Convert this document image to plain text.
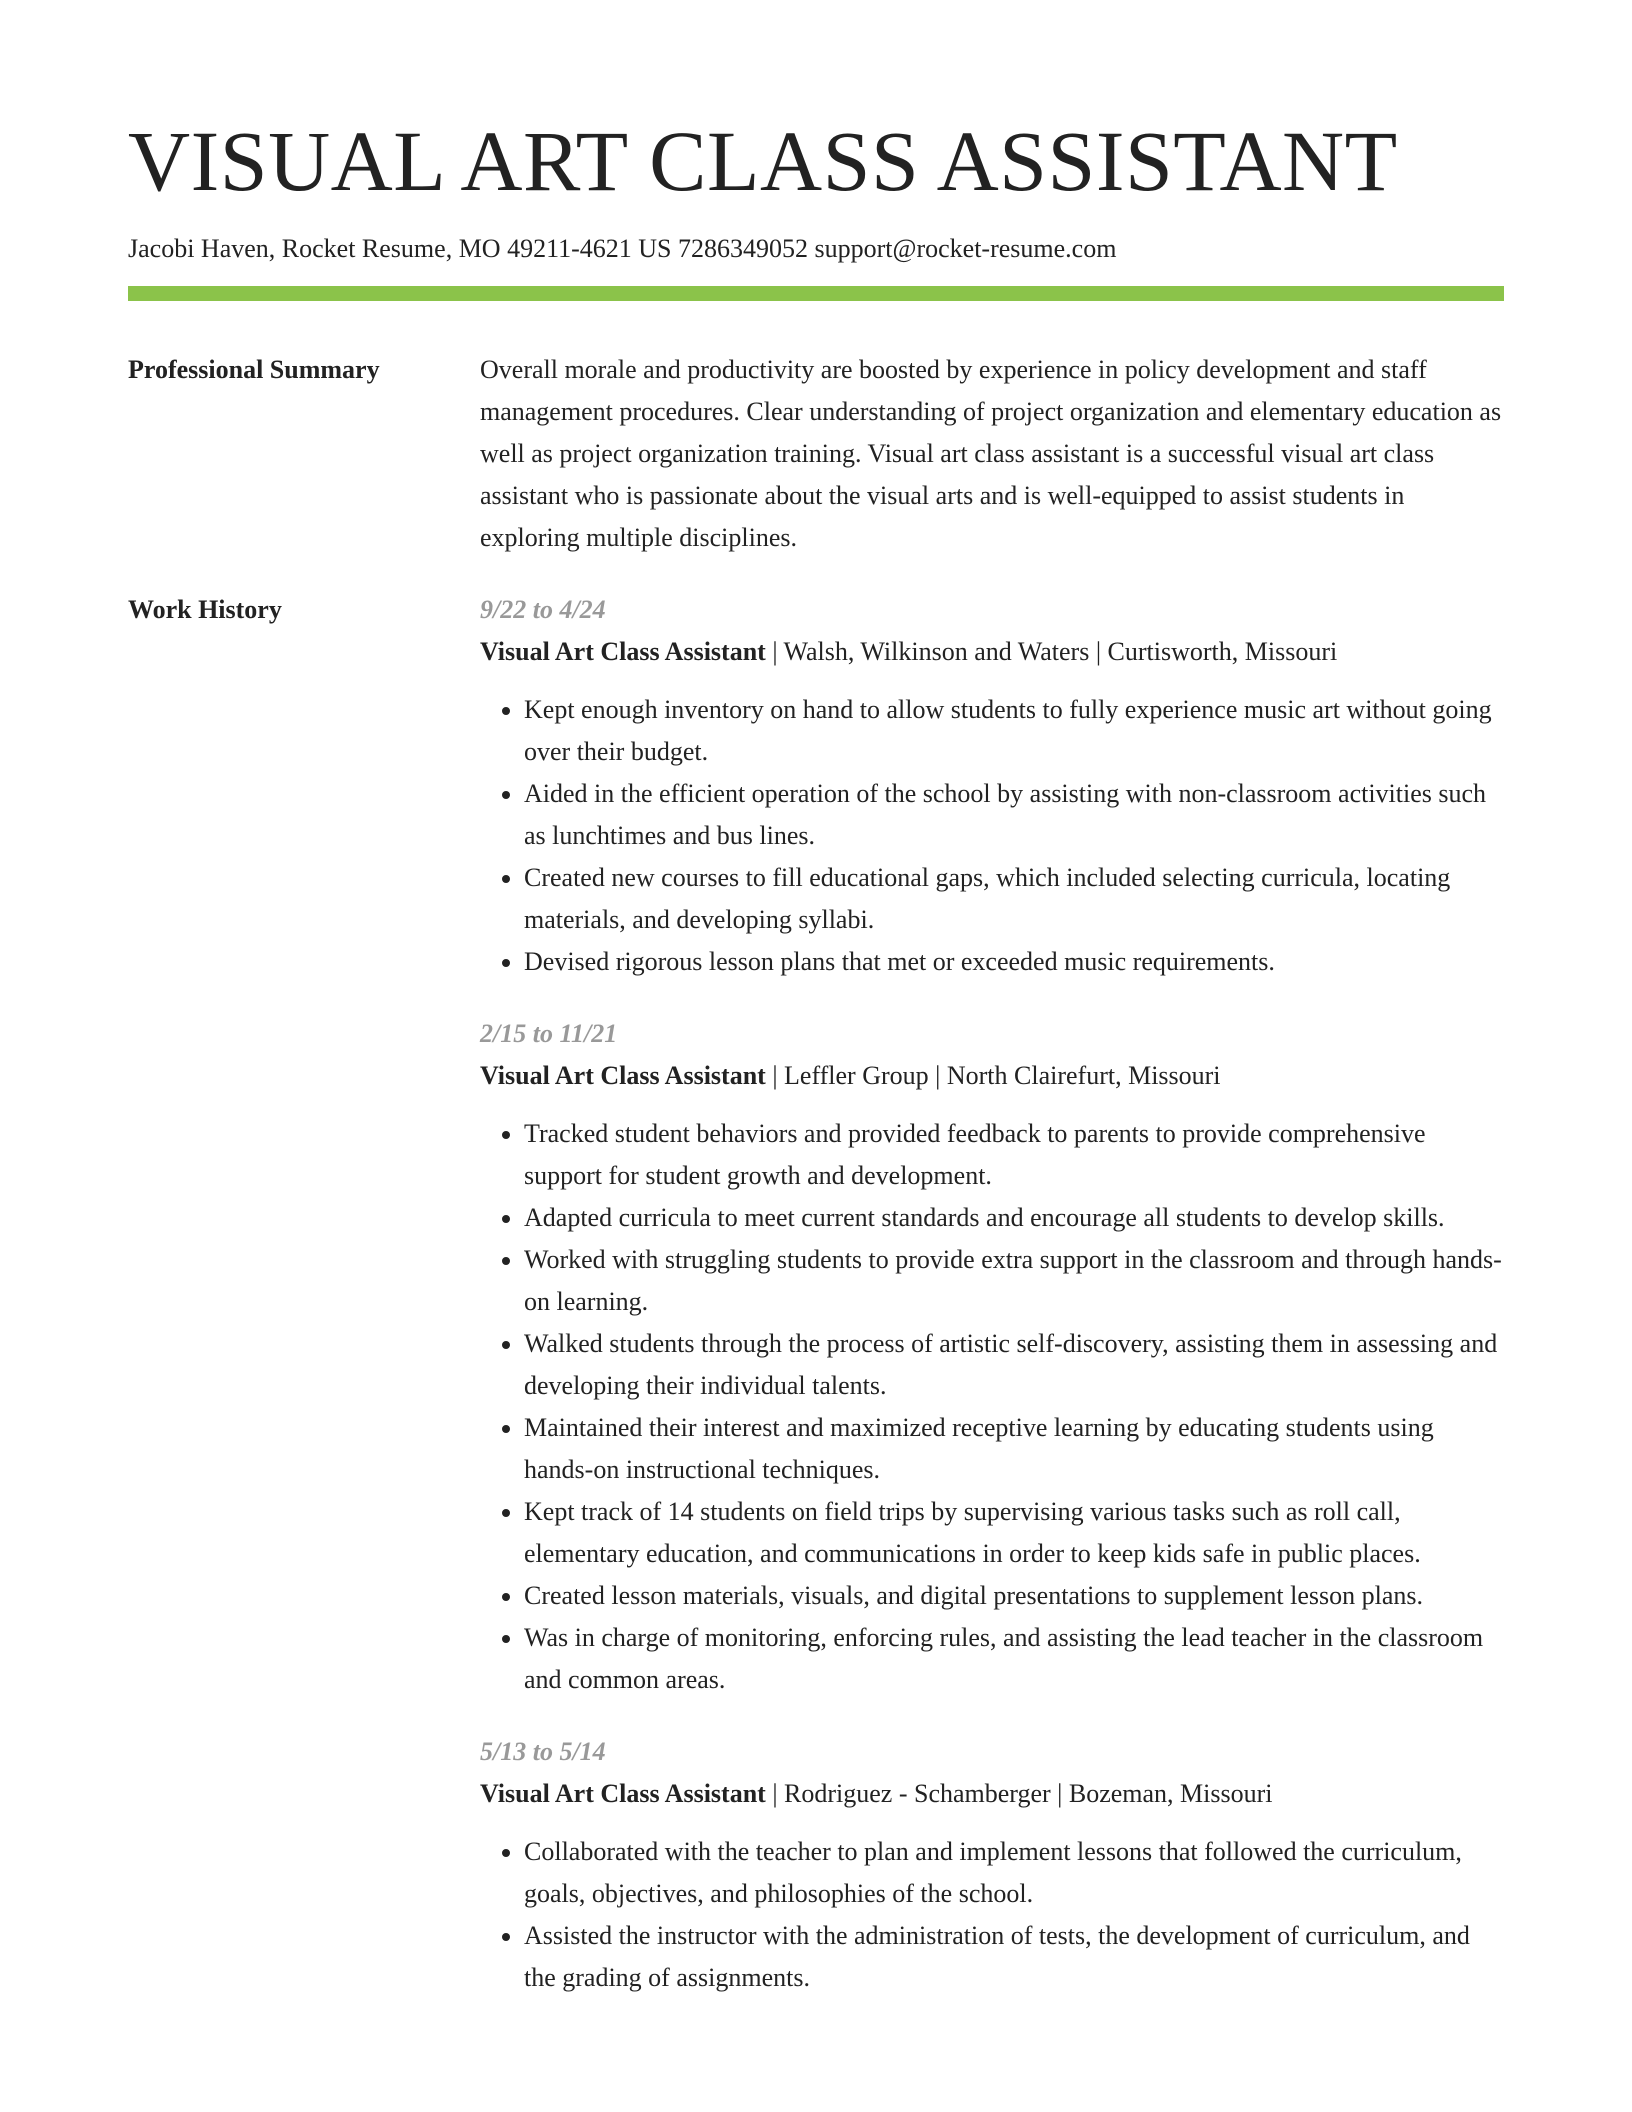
VISUAL ART CLASS ASSISTANT
Jacobi Haven, Rocket Resume, MO 49211-4621 US 7286349052 support@rocket-resume.com
Professional Summary	Overall morale and productivity are boosted by experience in policy development and staff management procedures. Clear understanding of project organization and elementary education as well as project organization training. Visual art class assistant is a successful visual art class assistant who is passionate about the visual arts and is well-equipped to assist students in exploring multiple disciplines.

Work History	9/22 to 4/24
Visual Art Class Assistant | Walsh, Wilkinson and Waters | Curtisworth, Missouri
• Kept enough inventory on hand to allow students to fully experience music art without going over their budget.
• Aided in the efficient operation of the school by assisting with non-classroom activities such as lunchtimes and bus lines.
• Created new courses to fill educational gaps, which included selecting curricula, locating materials, and developing syllabi.
• Devised rigorous lesson plans that met or exceeded music requirements.
2/15 to 11/21
Visual Art Class Assistant | Leffler Group | North Clairefurt, Missouri
• Tracked student behaviors and provided feedback to parents to provide comprehensive support for student growth and development.
• Adapted curricula to meet current standards and encourage all students to develop skills.
• Worked with struggling students to provide extra support in the classroom and through hands-on learning.
• Walked students through the process of artistic self-discovery, assisting them in assessing and developing their individual talents.
• Maintained their interest and maximized receptive learning by educating students using hands-on instructional techniques.
• Kept track of 14 students on field trips by supervising various tasks such as roll call, elementary education, and communications in order to keep kids safe in public places.
• Created lesson materials, visuals, and digital presentations to supplement lesson plans.
• Was in charge of monitoring, enforcing rules, and assisting the lead teacher in the classroom and common areas.
5/13 to 5/14
Visual Art Class Assistant | Rodriguez - Schamberger | Bozeman, Missouri
• Collaborated with the teacher to plan and implement lessons that followed the curriculum, goals, objectives, and philosophies of the school.
• Assisted the instructor with the administration of tests, the development of curriculum, and the grading of assignments.
